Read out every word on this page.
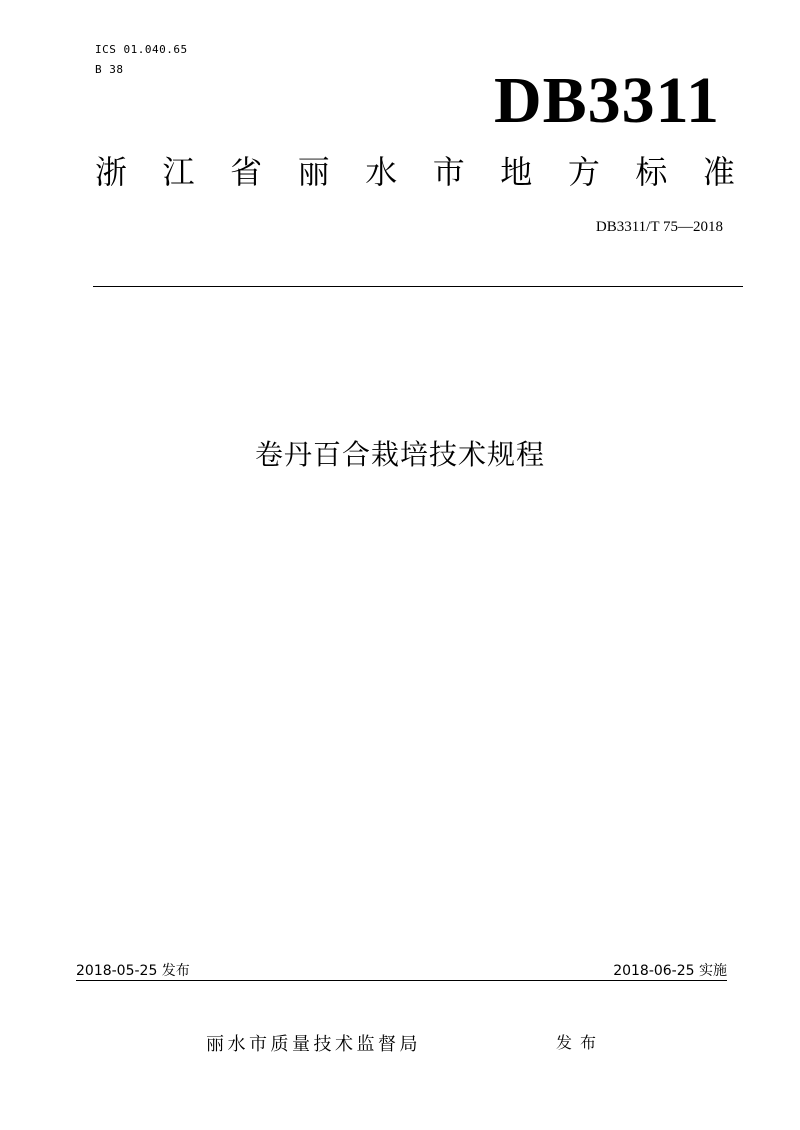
ICS 01.040.65
B 38	DB3311
浙 江 省 丽 水 市 地 方 标 准
DB3311/T 75—2018
卷丹百合栽培技术规程
2018-05-25 发布	2018-06-25 实施
丽水市质量技术监督局	发布
